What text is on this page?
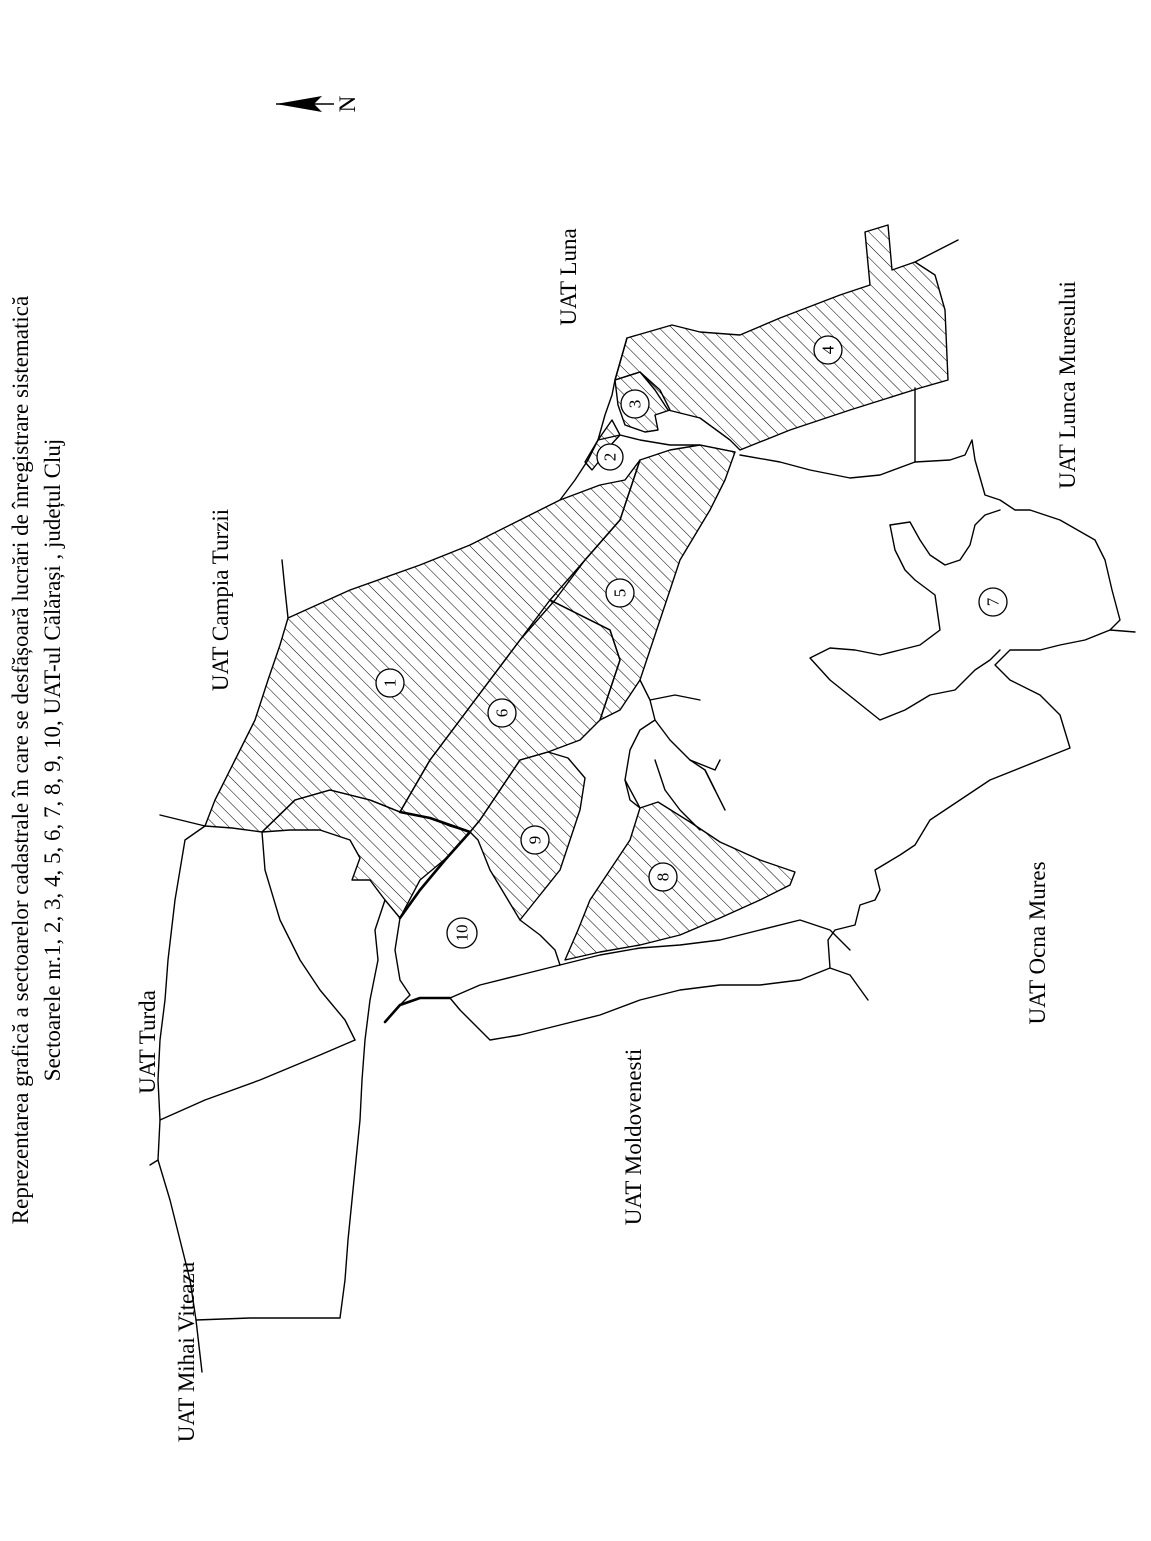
Reprezentarea grafică a sectoarelor cadastrale în care se desfășoară lucrări de înregistrare sistematică Sectoarele nr.1, 2, 3, 4, 5, 6, 7, 8, 9, 10, UAT-ul Călărași , județul Cluj
N
1
2
3
4
5
6
7
8
9
10
UAT Luna
UAT Campia Turzii
UAT Lunca Muresului
UAT Turda
UAT Mihai Viteazu
UAT Moldovenesti
UAT Ocna Mures
